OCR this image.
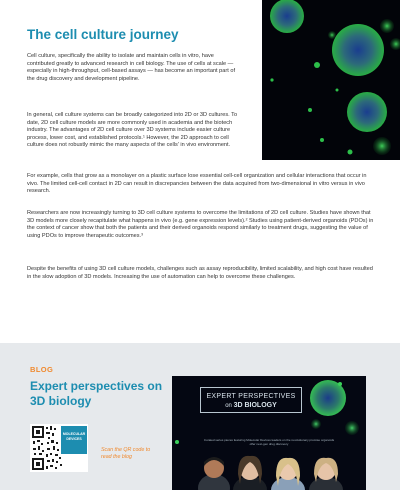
The cell culture journey

Cell culture, specifically the ability to isolate and maintain cells in vitro, have contributed greatly to advanced research in cell biology. The use of cells at scale — especially in high-throughput, cell-based assays — has become an important part of the drug discovery and development pipeline.

In general, cell culture systems can be broadly categorized into 2D or 3D cultures. To date, 2D cell culture models are more commonly used in academia and the biotech industry. The advantages of 2D cell culture over 3D systems include easier culture process, lower cost, and established protocols.¹ However, the 2D approach to cell culture does not robustly mimic the many aspects of the cells' in vivo environment.

For example, cells that grow as a monolayer on a plastic surface lose essential cell-cell organization and cellular interactions that occur in vivo. The limited cell-cell contact in 2D can result in discrepancies between the data acquired from two-dimensional in vitro versus in vivo research.

Researchers are now increasingly turning to 3D cell culture systems to overcome the limitations of 2D cell culture. Studies have shown that 3D models more closely recapitulate what happens in vivo (e.g. gene expression levels).² Studies using patient-derived organoids (PDOs) in the context of cancer show that both the patients and their derived organoids respond similarly to treatment drugs, suggesting the value of using PDOs to improve therapeutic outcomes.³

Despite the benefits of using 3D cell culture models, challenges such as assay reproducibility, limited scalability, and high cost have resulted in the slow adoption of 3D models. Increasing the use of automation can help to overcome these challenges.

BLOG
Expert perspectives on 3D biology
MOLECULAR DEVICES
Scan the QR code to read the blog
EXPERT PERSPECTIVES
on 3D BIOLOGY
Curated series pieces featuring Molecular Devices leaders on the revolutionary promise organoids offer next-gen drug discovery
